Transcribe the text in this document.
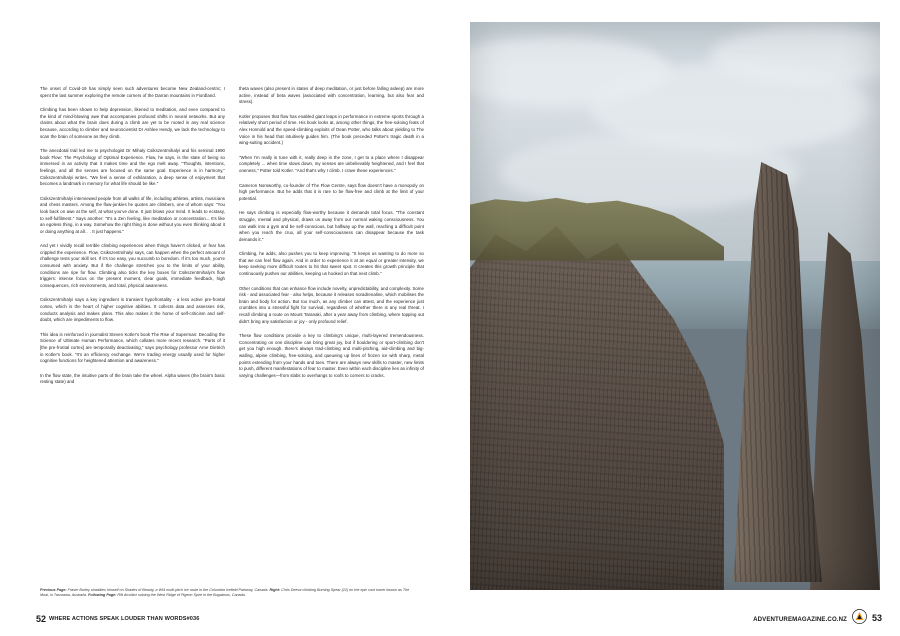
The onset of Covid-19 has simply seen such adventures become New Zealand-centric; I spent the last summer exploring the remote corners of the Darran mountains in Fiordland.

Climbing has been shown to help depression, likened to meditation, and even compared to the kind of mind-blowing awe that accompanies profound shifts in neural networks. But any claims about what the brain does during a climb are yet to be rooted in any real science because, according to climber and neuroscientist Dr Ashlee Hendy, we lack the technology to scan the brain of someone as they climb.

The anecdotal trail led me to psychologist Dr Mihaly Csikszentmihalyi and his seminal 1990 book Flow: The Psychology of Optimal Experience. Flow, he says, is the state of being so immersed in an activity that it makes time and the ego melt away. "Thoughts, intentions, feelings, and all the senses are focused on the same goal. Experience is in harmony," Csikszentmihalyi writes. "We feel a sense of exhilaration, a deep sense of enjoyment that becomes a landmark in memory for what life should be like."

Csikszentmihalyi interviewed people from all walks of life, including athletes, artists, musicians and chess masters. Among the flow-junkies he quotes are climbers, one of whom says: "You look back on awe at the self, at what you've done. It just blows your mind. It leads to ecstasy, to self-fulfilment." Says another: "It's a Zen feeling, like meditation or concentration... It's like an egoless thing, in a way. Somehow the right thing is done without you even thinking about it or doing anything at all. . . It just happens."

And yet I vividly recall terrible climbing experiences when things haven't clicked, or fear has crippled the experience. Flow, Csikszentmihalyi says, can happen when the perfect amount of challenge tests your skill set. If it's too easy, you succumb to boredom. If it's too much, you're consumed with anxiety. But if the challenge stretches you to the limits of your ability, conditions are ripe for flow. Climbing also ticks the key boxes for Csikszentmihalyi's flow triggers: intense focus on the present moment, clear goals, immediate feedback, high consequences, rich environments, and total, physical awareness.

Csikszentmihalyi says a key ingredient is transient hypofrontality - a less active pre-frontal cortex, which is the heart of higher cognitive abilities. It collects data and assesses risk, conducts analysis and makes plans. This also makes it the home of self-criticism and self-doubt, which are impediments to flow.

This idea is reinforced in journalist Steven Kotler's book The Rise of Superman: Decoding the Science of Ultimate Human Performance, which collates more recent research. "Parts of it [the pre-frontal cortex] are temporarily deactivating," says psychology professor Arne Dietrich in Kotler's book. "It's an efficiency exchange. We're trading energy usually used for higher cognitive functions for heightened attention and awareness."

In the flow state, the intuitive parts of the brain take the wheel. Alpha waves (the brain's basic resting state) and

theta waves (also present in states of deep meditation, or just before falling asleep) are more active, instead of beta waves (associated with concentration, learning, but also fear and stress).

Kotler proposes that flow has enabled giant leaps in performance in extreme sports through a relatively short period of time. His book looks at, among other things, the free-soloing feats of Alex Honnold and the speed-climbing exploits of Dean Potter, who talks about yielding to The Voice in his head that intuitively guides him. (The book preceded Potter's tragic death in a wing-suiting accident.)

"When I'm really in tune with it, really deep in the zone, I get to a place where I disappear completely ... when time slows down, my senses are unbelievably heightened, and I feel that oneness," Potter told Kotler. "And that's why I climb. I crave these experiences."

Cameron Norsworthy, co-founder of The Flow Centre, says flow doesn't have a monopoly on high performance. But he adds that it is rare to be flow-free and climb at the limit of your potential.

He says climbing is especially flow-worthy because it demands total focus. "The constant struggle, mental and physical, draws us away from our normal waking consciousness. You can walk into a gym and be self-conscious, but halfway up the wall, reaching a difficult point when you reach the crux, all your self-consciousness can disappear because the task demands it."

Climbing, he adds, also pushes you to keep improving. "It keeps us wanting to do more so that we can feel flow again. And in order to experience it at an equal or greater intensity, we keep seeking more difficult routes to hit that sweet spot. It creates this growth principle that continuously pushes our abilities, keeping us hooked on that next climb."

Other conditions that can enhance flow include novelty, unpredictability, and complexity. Some risk - and associated fear - also helps, because it releases noradrenaline, which mobilises the brain and body for action. But too much, as any climber can attest, and the experience just crumbles into a stressful fight for survival, regardless of whether there is any real threat. I recall climbing a route on Mount Taranaki, after a year away from climbing, where topping out didn't bring any satisfaction or joy - only profound relief.

These flow conditions provide a key to climbing's unique, multi-layered tremendousness. Concentrating on one discipline can bring great joy, but if bouldering or sport-climbing don't get you high enough, there's always trad-climbing and multi-pitching, aid-climbing and big-walling, alpine climbing, free-soloing, and queueing up lines of frozen ice with sharp, metal points extending from your hands and toes. There are always new skills to master, new limits to push, different manifestations of fear to master. Even within each discipline lies an infinity of varying challenges—from slabs to overhangs to roofs to corners to cracks.

Previous Page: Fraser Burley straddles himself on Shades of Beauty, a WI4 multi-pitch ice route in the Columbia Icefield Parkway, Canada. Right: Chris Deeva climbing Burning Spear (22) on the epic rock tower known as The Moai, in Tasmania, Australia. Following Page: Rift Aicolitor soloing the West Ridge of Pigeon Spire in the Bugaboos, Canada.
52 WHERE ACTIONS SPEAK LOUDER THAN WORDS#036	ADVENTUREMAGAZINE.CO.NZ	53
